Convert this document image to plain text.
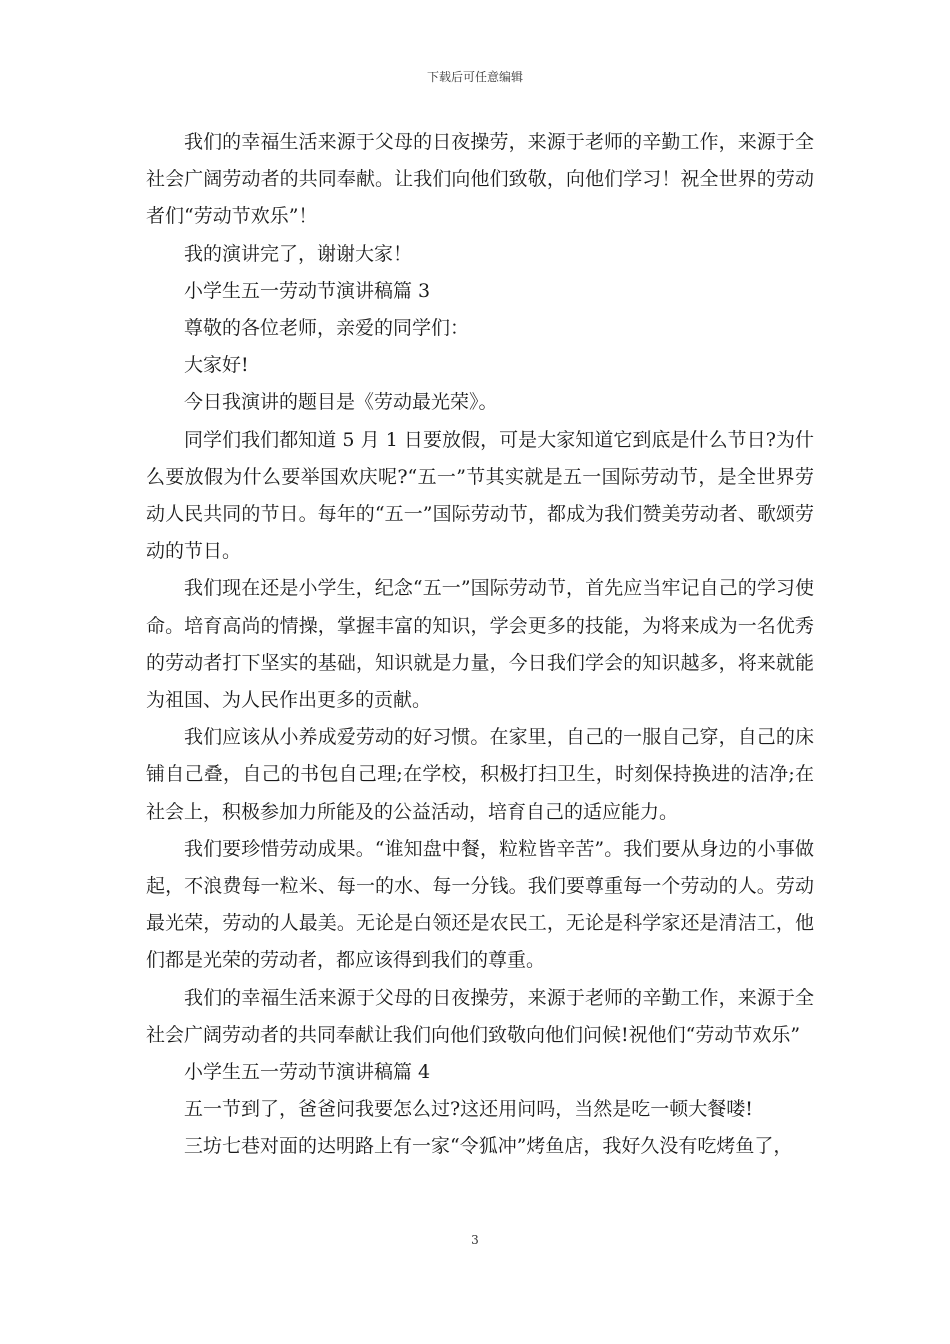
下载后可任意编辑

我们的幸福生活来源于父母的日夜操劳，来源于老师的辛勤工作，来源于全社会广阔劳动者的共同奉献。让我们向他们致敬，向他们学习！祝全世界的劳动者们“劳动节欢乐”！

我的演讲完了，谢谢大家！

小学生五一劳动节演讲稿篇 3

尊敬的各位老师，亲爱的同学们：

大家好!

今日我演讲的题目是《劳动最光荣》。

同学们我们都知道 5 月 1 日要放假，可是大家知道它到底是什么节日?为什么要放假为什么要举国欢庆呢?“五一”节其实就是五一国际劳动节，是全世界劳动人民共同的节日。每年的“五一”国际劳动节，都成为我们赞美劳动者、歌颂劳动的节日。

我们现在还是小学生，纪念“五一”国际劳动节，首先应当牢记自己的学习使命。培育高尚的情操，掌握丰富的知识，学会更多的技能，为将来成为一名优秀的劳动者打下坚实的基础，知识就是力量，今日我们学会的知识越多，将来就能为祖国、为人民作出更多的贡献。

我们应该从小养成爱劳动的好习惯。在家里，自己的一服自己穿，自己的床铺自己叠，自己的书包自己理;在学校，积极打扫卫生，时刻保持换进的洁净;在社会上，积极参加力所能及的公益活动，培育自己的适应能力。

我们要珍惜劳动成果。“谁知盘中餐，粒粒皆辛苦”。我们要从身边的小事做起，不浪费每一粒米、每一的水、每一分钱。我们要尊重每一个劳动的人。劳动最光荣，劳动的人最美。无论是白领还是农民工，无论是科学家还是清洁工，他们都是光荣的劳动者，都应该得到我们的尊重。

我们的幸福生活来源于父母的日夜操劳，来源于老师的辛勤工作，来源于全社会广阔劳动者的共同奉献让我们向他们致敬向他们问候!祝他们“劳动节欢乐”

小学生五一劳动节演讲稿篇 4

五一节到了，爸爸问我要怎么过?这还用问吗，当然是吃一顿大餐喽!

三坊七巷对面的达明路上有一家“令狐冲”烤鱼店，我好久没有吃烤鱼了，

3
